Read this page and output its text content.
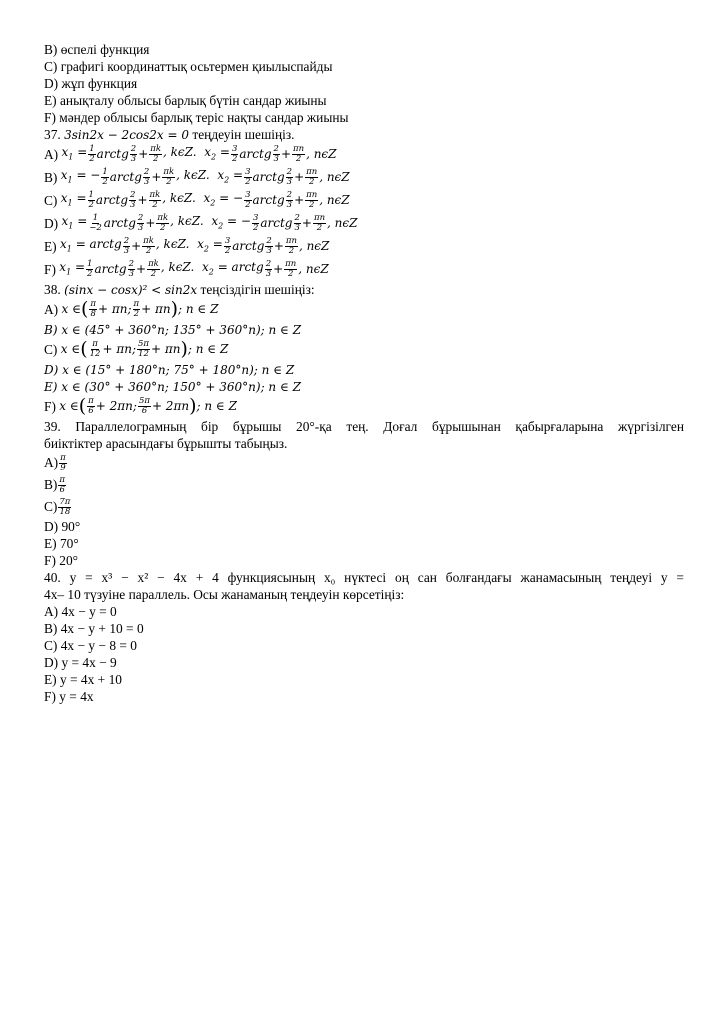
B) өспелі функция
C) графигі координаттық осьтермен қиылыспайды
D) жұп функция
E) анықталу облысы барлық бүтін сандар жиыны
F) мәндер облысы барлық теріс нақты сандар жиыны
37. 3sin2x − 2cos2x = 0 теңдеуін шешіңіз.
A)
$x_1 = \frac{1}{2}$ arctg 2
$3 + \frac{\pi k}{2}$ , kϵZ.  $x_2 = \frac{3}{2}$ arctg 2
$3 + \frac{\pi n}{2}$ , nϵZ
B)
$x_1$ = − $\frac{1}{2}$ arctg 2
$3 + \frac{\pi k}{2}$ , kϵZ.  $x_2 = \frac{3}{2}$ arctg 2
$3 + \frac{\pi n}{2}$ , nϵZ
C)
$x_1 = \frac{1}{2}$ arctg 2
$3 + \frac{\pi k}{2}$ , kϵZ.  $x_2$ = − $\frac{3}{2}$ arctg 2
$3 + \frac{\pi n}{2}$ , nϵZ
D)
$x_1 = \frac{1}{-2}$ arctg 2
$3 + \frac{\pi k}{2}$ , kϵZ.  $x_2$ = − $\frac{3}{2}$ arctg 2
$3 + \frac{\pi n}{2}$ , nϵZ
E)
$x_1$ = arctg 2
$3 + \frac{\pi k}{2}$ , kϵZ.  $x_2 = \frac{3}{2}$ arctg 2
$3 + \frac{\pi n}{2}$ , nϵZ
F)
$x_1 = \frac{1}{2}$ arctg 2
$3 + \frac{\pi k}{2}$ , kϵZ.  $x_2$ = arctg 2
$3 + \frac{\pi n}{2}$ , nϵZ
38. (sinx − cosx)² < sin2x теңсіздігін шешіңіз:
A)
x ∈ ( π
8 + πn; π
2 + πn ) ; n ∈ Z
B) x ∈ (45° + 360°n; 135° + 360°n); n ∈ Z
C)
x ∈ ( π
12 + πn; 5π
12 + πn ) ; n ∈ Z
D) x ∈ (15° + 180°n; 75° + 180°n); n ∈ Z
E) x ∈ (30° + 360°n; 150° + 360°n); n ∈ Z
F)
x ∈ ( π
6 + 2πn; 5π
6 + 2πn ) ; n ∈ Z
39. Параллелограмның бір бұрышы 20°-қа тең. Доғал бұрышынан қабырғаларына жүргізілген
биіктіктер арасындағы бұрышты табыңыз.
A) π
9
B) π
6
C) 7π
18
D) 90°
E) 70°
F) 20°
40. y = x³ − x² − 4x + 4 функциясының x₀ нүктесі оң сан болғандағы жанамасының теңдеуі y =
4x– 10 түзуіне параллель. Осы жанаманың теңдеуін көрсетіңіз:
A) 4x − y = 0
B) 4x − y + 10 = 0
C) 4x − y − 8 = 0
D) y = 4x − 9
E) y = 4x + 10
F) y = 4x
